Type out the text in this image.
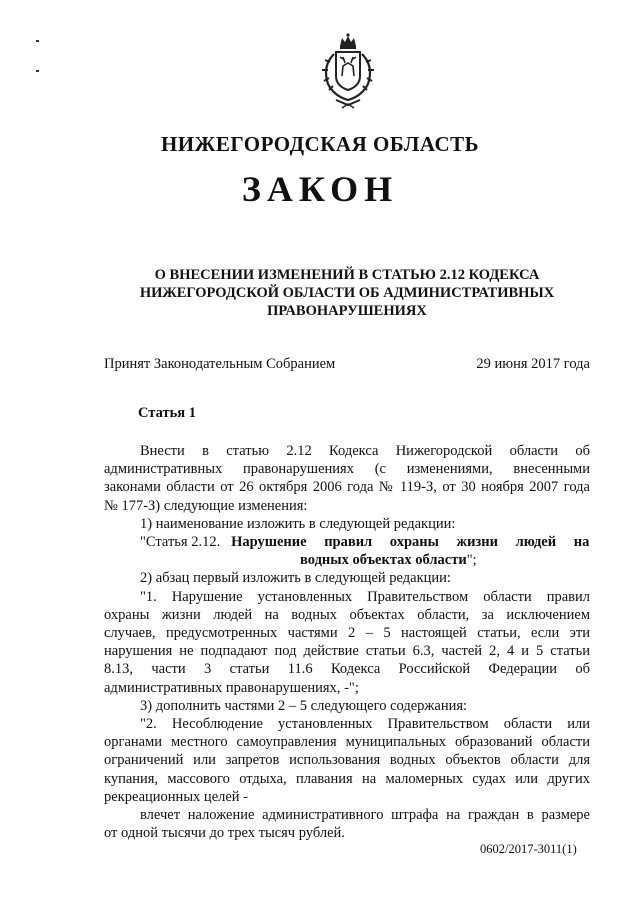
НИЖЕГОРОДСКАЯ ОБЛАСТЬ
ЗАКОН
О ВНЕСЕНИИ ИЗМЕНЕНИЙ В СТАТЬЮ 2.12 КОДЕКСА
НИЖЕГОРОДСКОЙ ОБЛАСТИ ОБ АДМИНИСТРАТИВНЫХ
ПРАВОНАРУШЕНИЯХ
Принят Законодательным Собранием	29 июня 2017 года
Статья 1

Внести в статью 2.12 Кодекса Нижегородской области об

административных правонарушениях (с изменениями, внесенными

законами области от 26 октября 2006 года № 119-З, от 30 ноября 2007 года

№ 177-З) следующие изменения:

1) наименование изложить в следующей редакции:

"Статья 2.12. Нарушение правил охраны жизни людей на

водных объектах области";

2) абзац первый изложить в следующей редакции:

"1. Нарушение установленных Правительством области правил

охраны жизни людей на водных объектах области, за исключением

случаев, предусмотренных частями 2 – 5 настоящей статьи, если эти

нарушения не подпадают под действие статьи 6.3, частей 2, 4 и 5 статьи

8.13, части 3 статьи 11.6 Кодекса Российской Федерации об

административных правонарушениях, -";

3) дополнить частями 2 – 5 следующего содержания:

"2. Несоблюдение установленных Правительством области или

органами местного самоуправления муниципальных образований области

ограничений или запретов использования водных объектов области для

купания, массового отдыха, плавания на маломерных судах или других

рекреационных целей -

влечет наложение административного штрафа на граждан в размере

от одной тысячи до трех тысяч рублей.

0602/2017-3011(1)
